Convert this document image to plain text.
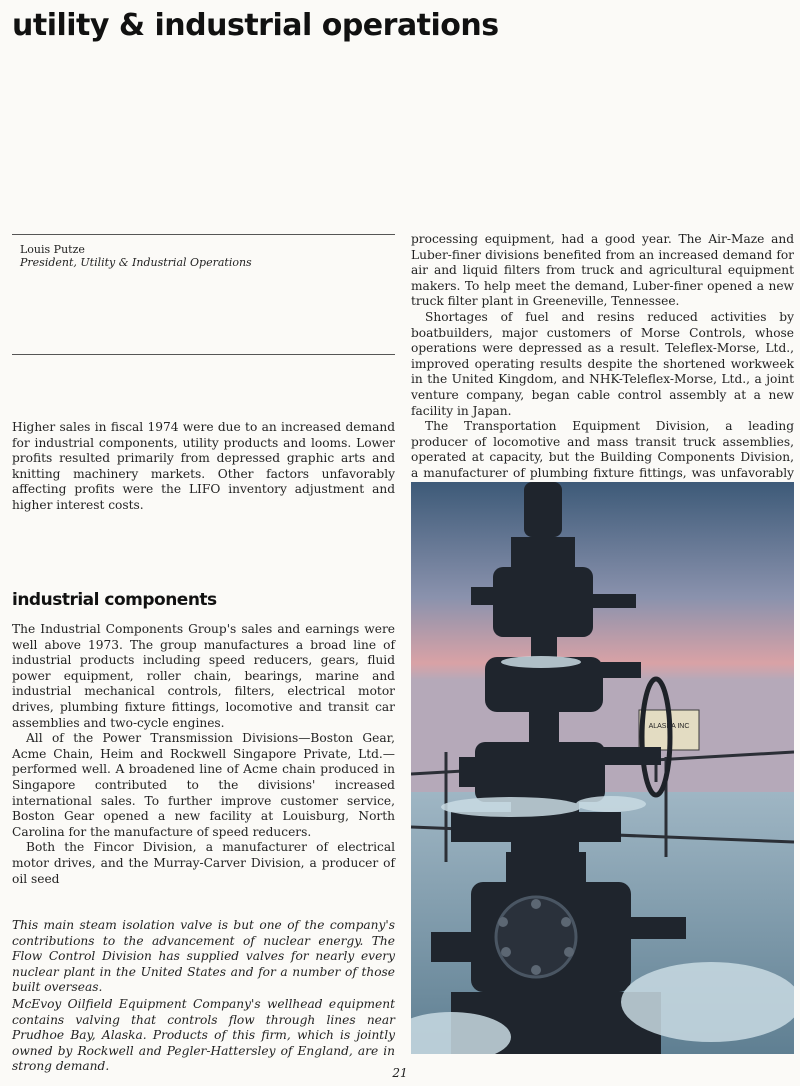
utility & industrial operations
Louis Putze
President, Utility & Industrial Operations

Higher sales in fiscal 1974 were due to an increased demand for industrial components, utility products and looms. Lower profits resulted primarily from depressed graphic arts and knitting machinery markets. Other factors unfavorably affecting profits were the LIFO inventory adjustment and higher interest costs.

industrial components

The Industrial Components Group's sales and earnings were well above 1973. The group manufactures a broad line of industrial products including speed reducers, gears, fluid power equipment, roller chain, bearings, marine and industrial mechanical controls, filters, electrical motor drives, plumbing fixture fittings, locomotive and transit car assemblies and two-cycle engines.

All of the Power Transmission Divisions—Boston Gear, Acme Chain, Heim and Rockwell Singapore Private, Ltd.—performed well. A broadened line of Acme chain produced in Singapore contributed to the divisions' increased international sales. To further improve customer service, Boston Gear opened a new facility at Louisburg, North Carolina for the manufacture of speed reducers.

Both the Fincor Division, a manufacturer of electrical motor drives, and the Murray-Carver Division, a producer of oil seed

processing equipment, had a good year. The Air-Maze and Luber-finer divisions benefited from an increased demand for air and liquid filters from truck and agricultural equipment makers. To help meet the demand, Luber-finer opened a new truck filter plant in Greeneville, Tennessee.

Shortages of fuel and resins reduced activities by boatbuilders, major customers of Morse Controls, whose operations were depressed as a result. Teleflex-Morse, Ltd., improved operating results despite the shortened workweek in the United Kingdom, and NHK-Teleflex-Morse, Ltd., a joint venture company, began cable control assembly at a new facility in Japan.

The Transportation Equipment Division, a leading producer of locomotive and mass transit truck assemblies, operated at capacity, but the Building Components Division, a manufacturer of plumbing fixture fittings, was unfavorably

This main steam isolation valve is but one of the company's contributions to the advancement of nuclear energy. The Flow Control Division has supplied valves for nearly every nuclear plant in the United States and for a number of those built overseas.
McEvoy Oilfield Equipment Company's wellhead equipment contains valving that controls flow through lines near Prudhoe Bay, Alaska. Products of this firm, which is jointly owned by Rockwell and Pegler-Hattersley of England, are in strong demand.
ALASKA INC
21
